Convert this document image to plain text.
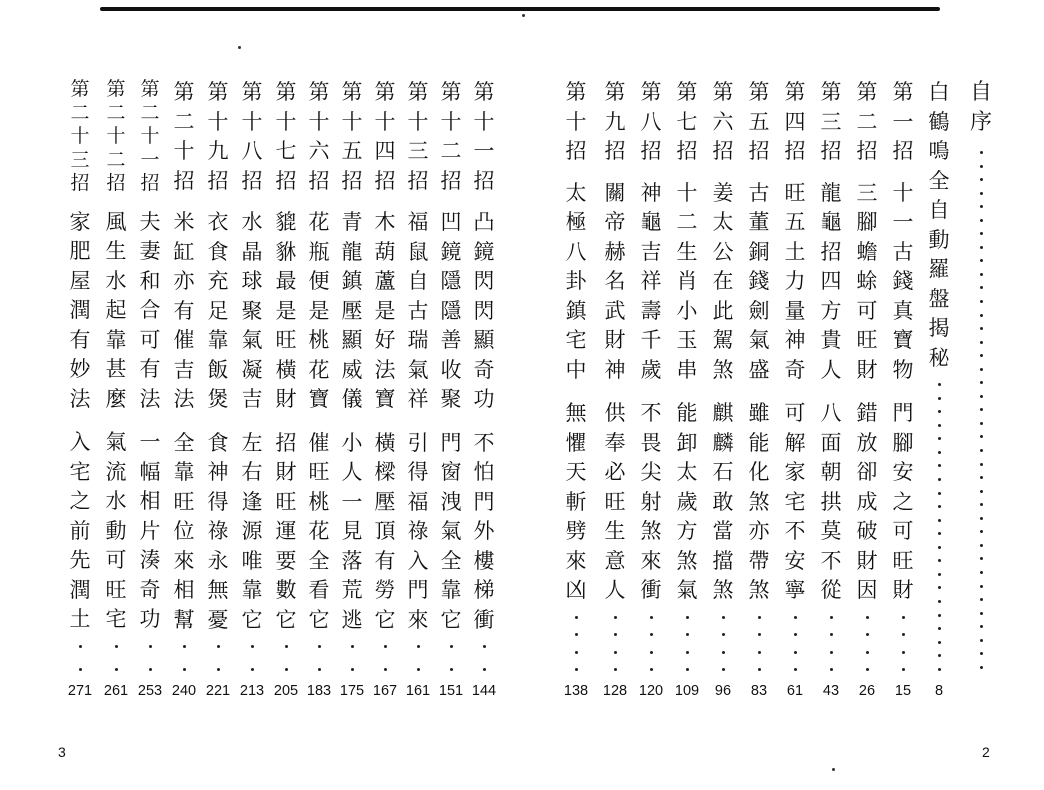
自
序
白
鶴
鳴
全
自
動
羅
盤
揭
秘
8
第
一
招
十
一
古
錢
真
寶
物
門
腳
安
之
可
旺
財
15
第
二
招
三
腳
蟾
蜍
可
旺
財
錯
放
卻
成
破
財
因
26
第
三
招
龍
龜
招
四
方
貴
人
八
面
朝
拱
莫
不
從
43
第
四
招
旺
五
土
力
量
神
奇
可
解
家
宅
不
安
寧
61
第
五
招
古
董
銅
錢
劍
氣
盛
雖
能
化
煞
亦
帶
煞
83
第
六
招
姜
太
公
在
此
駕
煞
麒
麟
石
敢
當
擋
煞
96
第
七
招
十
二
生
肖
小
玉
串
能
卸
太
歲
方
煞
氣
109
第
八
招
神
龜
吉
祥
壽
千
歲
不
畏
尖
射
煞
來
衝
120
第
九
招
關
帝
赫
名
武
財
神
供
奉
必
旺
生
意
人
128
第
十
招
太
極
八
卦
鎮
宅
中
無
懼
天
斬
劈
來
凶
138
第
十
一
招
凸
鏡
閃
閃
顯
奇
功
不
怕
門
外
樓
梯
衝
144
第
十
二
招
凹
鏡
隱
隱
善
收
聚
門
窗
洩
氣
全
靠
它
151
第
十
三
招
福
鼠
自
古
瑞
氣
祥
引
得
福
祿
入
門
來
161
第
十
四
招
木
葫
蘆
是
好
法
寶
橫
樑
壓
頂
有
勞
它
167
第
十
五
招
青
龍
鎮
壓
顯
威
儀
小
人
一
見
落
荒
逃
175
第
十
六
招
花
瓶
便
是
桃
花
寶
催
旺
桃
花
全
看
它
183
第
十
七
招
貔
貅
最
是
旺
橫
財
招
財
旺
運
要
數
它
205
第
十
八
招
水
晶
球
聚
氣
凝
吉
左
右
逢
源
唯
靠
它
213
第
十
九
招
衣
食
充
足
靠
飯
煲
食
神
得
祿
永
無
憂
221
第
二
十
招
米
缸
亦
有
催
吉
法
全
靠
旺
位
來
相
幫
240
第
二
十
一
招
夫
妻
和
合
可
有
法
一
幅
相
片
湊
奇
功
253
第
二
十
二
招
風
生
水
起
靠
甚
麼
氣
流
水
動
可
旺
宅
261
第
二
十
三
招
家
肥
屋
潤
有
妙
法
入
宅
之
前
先
潤
土
271
3	2
